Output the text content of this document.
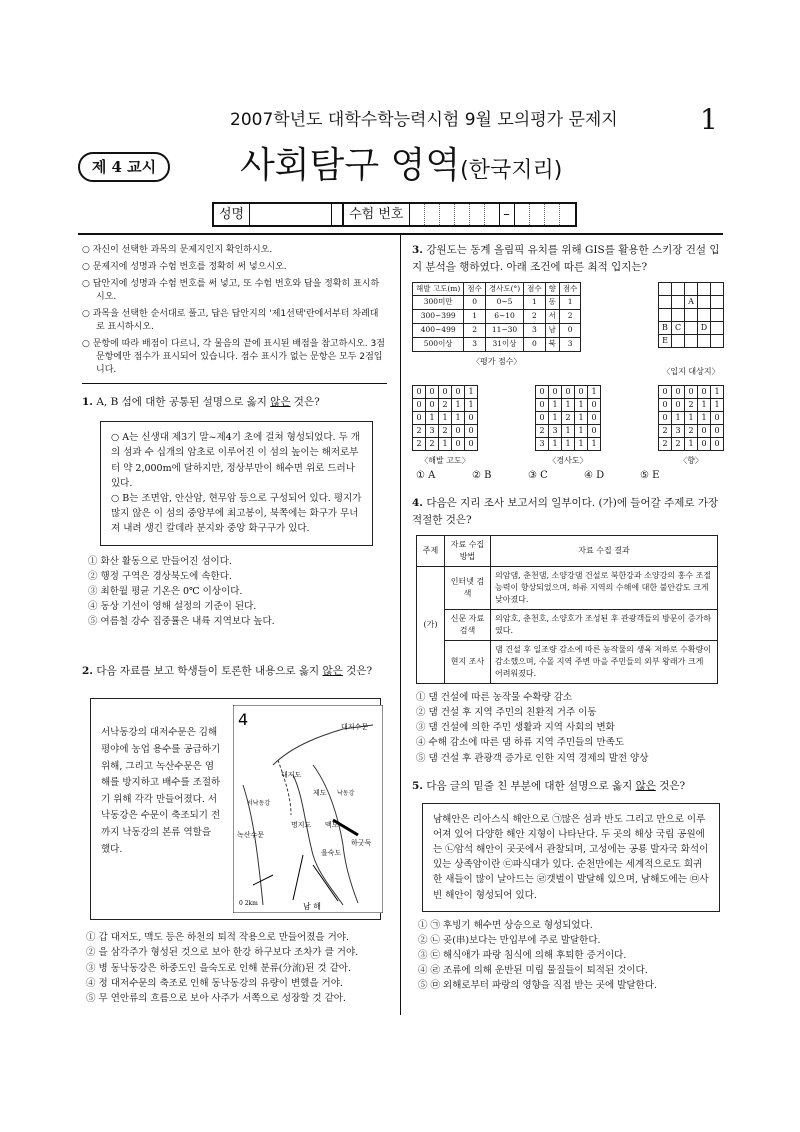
2007학년도 대학수학능력시험 9월 모의평가 문제지	1
제 4 교시	사회탐구 영역(한국지리)
성명	수험 번호	–
○ 자신이 선택한 과목의 문제지인지 확인하시오.
○ 문제지에 성명과 수험 번호를 정확히 써 넣으시오.
○ 답안지에 성명과 수험 번호를 써 넣고, 또 수험 번호와 답을 정확히 표시하시오.
○ 과목을 선택한 순서대로 풀고, 답은 답안지의 '제1선택'란에서부터 차례대로 표시하시오.
○ 문항에 따라 배점이 다르니, 각 물음의 끝에 표시된 배점을 참고하시오. 3점 문항에만 점수가 표시되어 있습니다. 점수 표시가 없는 문항은 모두 2점입니다.
1. A, B 섬에 대한 공통된 설명으로 옳지 않은 것은?
○ A는 신생대 제3기 말~제4기 초에 걸쳐 형성되었다. 두 개의 섬과 수 십개의 암초로 이루어진 이 섬의 높이는 해저로부터 약 2,000m에 달하지만, 정상부만이 해수면 위로 드러나 있다.
○ B는 조면암, 안산암, 현무암 등으로 구성되어 있다. 평지가 많지 않은 이 섬의 중앙부에 최고봉이, 북쪽에는 화구가 무너져 내려 생긴 칼데라 분지와 중앙 화구구가 있다.
① 화산 활동으로 만들어진 섬이다.
② 행정 구역은 경상북도에 속한다.
③ 최한월 평균 기온은 0℃ 이상이다.
④ 동상 기선이 영해 설정의 기준이 된다.
⑤ 여름철 강수 집중률은 내륙 지역보다 높다.
2. 다음 자료를 보고 학생들이 토론한 내용으로 옳지 않은 것은?
서낙동강의 대저수문은 김해평야에 농업 용수를 공급하기 위해, 그리고 녹산수문은 염해를 방지하고 배수를 조절하기 위해 각각 만들어졌다. 서낙동강은 수문이 축조되기 전까지 낙동강의 본류 역할을 했다.
4	대저수문
대저도
녹산수문
하굿둑
을숙도
명지도
제도
맥도
남 해
서낙동강
낙동강
0 2km
① 갑 대저도, 맥도 등은 하천의 퇴적 작용으로 만들어졌을 거야.
② 을 삼각주가 형성된 것으로 보아 한강 하구보다 조차가 클 거야.
③ 병 동낙동강은 하중도인 을숙도로 인해 분류(分流)된 것 같아.
④ 정 대저수문의 축조로 인해 동낙동강의 유량이 변했을 거야.
⑤ 무 연안류의 흐름으로 보아 사주가 서쪽으로 성장할 것 같아.
3. 강원도는 동계 올림픽 유치를 위해 GIS를 활용한 스키장 건설 입지 분석을 행하였다. 아래 조건에 따른 최적 입지는?
해발 고도(m)	점수	경사도(°)	점수	향	점수
300미만	0	0~5	1	동	1
300~399	1	6~10	2	서	2
400~499	2	11~30	3	남	0
500이상	3	31이상	0	북	3
〈평가 점수〉

		A		

B	C		D	
E				
〈입지 대상지〉
0	0	0	0	1
0	0	2	1	1
0	1	1	1	0
2	3	2	0	0
2	2	1	0	0
〈해발 고도〉
0	0	0	0	1
0	1	1	1	0
0	1	2	1	0
2	3	1	1	0
3	1	1	1	1
〈경사도〉
0	0	0	0	1
0	0	2	1	1
0	1	1	1	0
2	3	2	0	0
2	2	1	0	0
〈향〉
① A	② B	③ C	④ D	⑤ E
4. 다음은 지리 조사 보고서의 일부이다. (가)에 들어갈 주제로 가장 적절한 것은?
주제	자료 수집 방법	자료 수집 결과
(가)	인터넷 검색	의암댐, 춘천댐, 소양강댐 건설로 북한강과 소양강의 홍수 조절 능력이 향상되었으며, 하류 지역의 수해에 대한 불안감도 크게 낮아졌다.
	신문 자료 검색	의암호, 춘천호, 소양호가 조성된 후 관광객들의 방문이 증가하였다.
	현지 조사	댐 건설 후 일조량 감소에 따른 농작물의 생육 저하로 수확량이 감소했으며, 수몰 지역 주변 마을 주민들의 외부 왕래가 크게 어려워졌다.
① 댐 건설에 따른 농작물 수확량 감소
② 댐 건설 후 지역 주민의 친환적 거주 이동
③ 댐 건설에 의한 주민 생활과 지역 사회의 변화
④ 수해 감소에 따른 댐 하류 지역 주민들의 만족도
⑤ 댐 건설 후 관광객 증가로 인한 지역 경제의 발전 양상
5. 다음 글의 밑줄 친 부분에 대한 설명으로 옳지 않은 것은?
남해안은 리아스식 해안으로 ㉠많은 섬과 반도 그리고 만으로 이루어져 있어 다양한 해안 지형이 나타난다. 두 곳의 해상 국립 공원에는 ㉡암석 해안이 곳곳에서 관찰되며, 고성에는 공룡 발자국 화석이 있는 상족암이란 ㉢파식대가 있다. 순천만에는 세계적으로도 희귀한 새들이 많이 날아드는 ㉣갯벌이 발달해 있으며, 남해도에는 ㉤사빈 해안이 형성되어 있다.
① ㉠ 후빙기 해수면 상승으로 형성되었다.
② ㉡ 곶(串)보다는 만입부에 주로 발달한다.
③ ㉢ 해식애가 파랑 침식에 의해 후퇴한 증거이다.
④ ㉣ 조류에 의해 운반된 미립 물질들이 퇴적된 것이다.
⑤ ㉤ 외해로부터 파랑의 영향을 직접 받는 곳에 발달한다.
